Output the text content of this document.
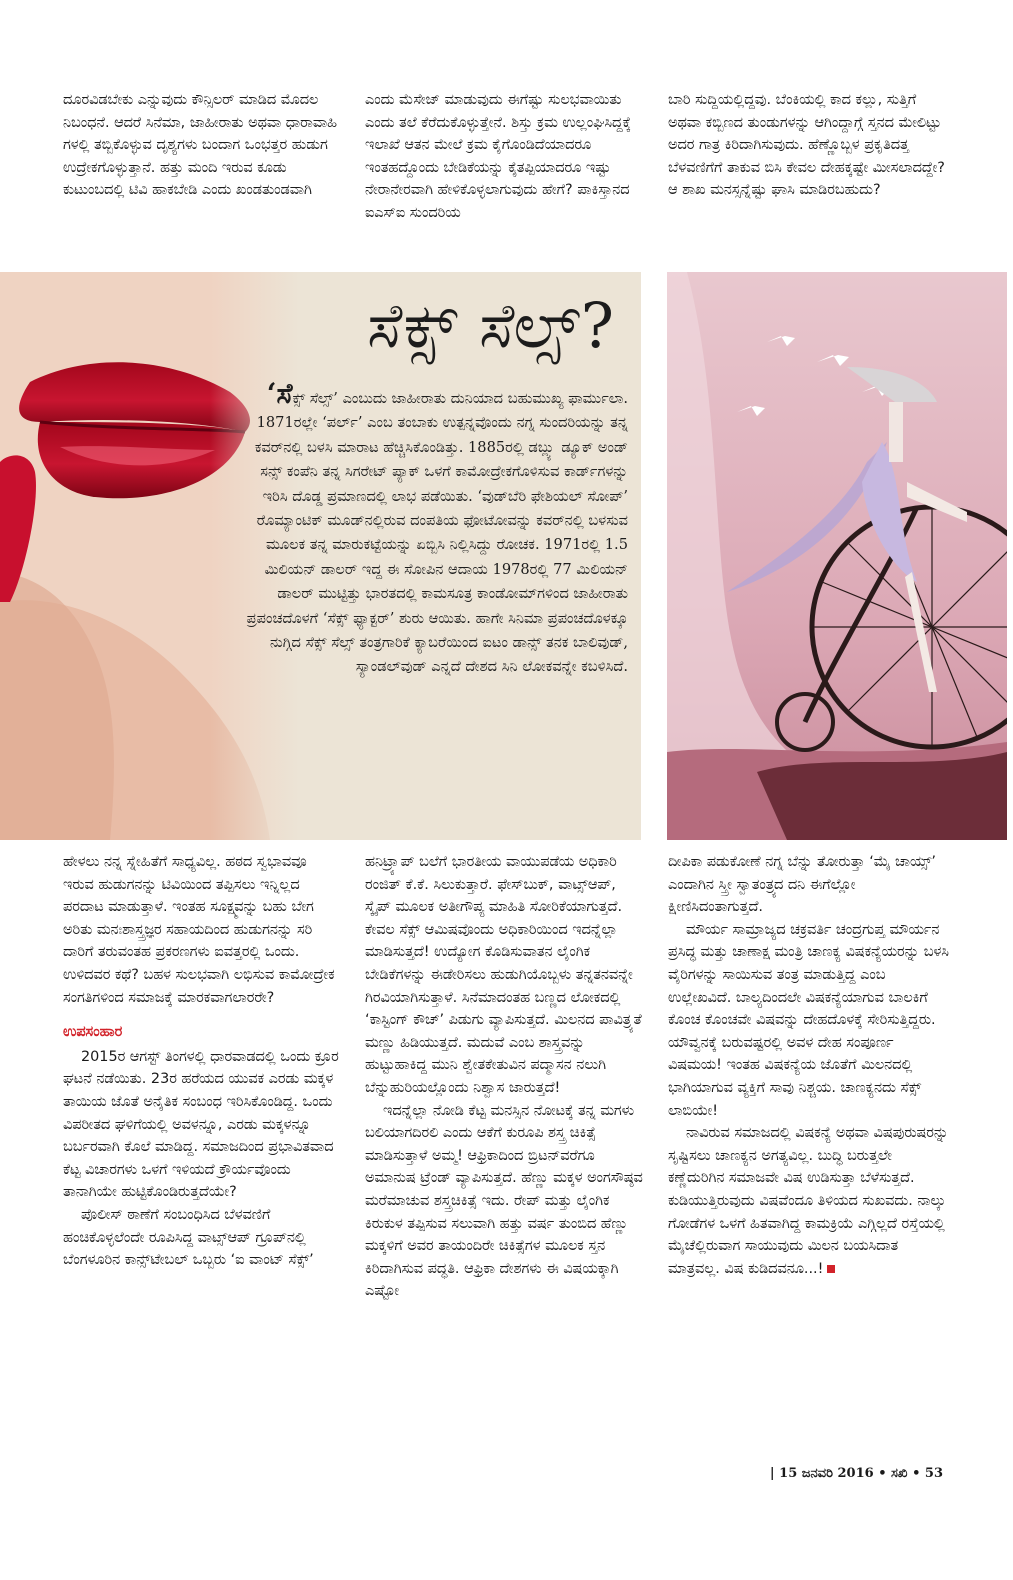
ದೂರವಿಡಬೇಕು ಎನ್ನುವುದು ಕೌನ್ಸಿಲರ್ ಮಾಡಿದ ಮೊದಲ ನಿಬಂಧನೆ. ಆದರೆ ಸಿನೆಮಾ, ಜಾಹೀರಾತು ಅಥವಾ ಧಾರಾವಾಹಿ ಗಳಲ್ಲಿ ತಬ್ಬಿಕೊಳ್ಳುವ ದೃಶ್ಯಗಳು ಬಂದಾಗ ಒಂಭತ್ತರ ಹುಡುಗ ಉದ್ರೇಕಗೊಳ್ಳುತ್ತಾನೆ. ಹತ್ತು ಮಂದಿ ಇರುವ ಕೂಡು ಕುಟುಂಬದಲ್ಲಿ ಟಿವಿ ಹಾಕಬೇಡಿ ಎಂದು ಖಂಡತುಂಡವಾಗಿ

ಎಂದು ಮೆಸೇಜ್ ಮಾಡುವುದು ಈಗೆಷ್ಟು ಸುಲಭವಾಯಿತು ಎಂದು ತಲೆ ಕೆರೆದುಕೊಳ್ಳುತ್ತೇನೆ. ಶಿಸ್ತು ಕ್ರಮ ಉಲ್ಲಂಘಿಸಿದ್ದಕ್ಕೆ ಇಲಾಖೆ ಆತನ ಮೇಲೆ ಕ್ರಮ ಕೈಗೊಂಡಿದೆಯಾದರೂ ಇಂತಹದ್ದೊಂದು ಬೇಡಿಕೆಯನ್ನು ಕೈತಪ್ಪಿಯಾದರೂ ಇಷ್ಟು ನೇರಾನೇರವಾಗಿ ಹೇಳಿಕೊಳ್ಳಲಾಗುವುದು ಹೇಗೆ? ಪಾಕಿಸ್ತಾನದ ಐಎಸ್ಐ ಸುಂದರಿಯ

ಬಾರಿ ಸುದ್ದಿಯಲ್ಲಿದ್ದವು. ಬೆಂಕಿಯಲ್ಲಿ ಕಾದ ಕಲ್ಲು, ಸುತ್ತಿಗೆ ಅಥವಾ ಕಬ್ಬಿಣದ ತುಂಡುಗಳನ್ನು ಆಗಿಂದ್ದಾಗ್ಗೆ ಸ್ತನದ ಮೇಲಿಟ್ಟು ಅದರ ಗಾತ್ರ ಕಿರಿದಾಗಿಸುವುದು. ಹೆಣ್ಣೊಬ್ಬಳ ಪ್ರಕೃತಿದತ್ತ ಬೆಳವಣಿಗೆಗೆ ತಾಕುವ ಬಿಸಿ ಕೇವಲ ದೇಹಕ್ಕಷ್ಟೇ ಮೀಸಲಾದದ್ದೇ? ಆ ಶಾಖ ಮನಸ್ಸನ್ನೆಷ್ಟು ಘಾಸಿ ಮಾಡಿರಬಹುದು?

ಸೆಕ್ಸ್ ಸೆಲ್ಸ್?
‘ಸೆಕ್ಸ್ ಸೆಲ್ಸ್’ ಎಂಬುದು ಜಾಹೀರಾತು ದುನಿಯಾದ ಬಹುಮುಖ್ಯ ಫಾರ್ಮುಲಾ. 1871ರಲ್ಲೇ ‘ಪರ್ಲ್’ ಎಂಬ ತಂಬಾಕು ಉತ್ಪನ್ನವೊಂದು ನಗ್ನ ಸುಂದರಿಯನ್ನು ತನ್ನ ಕವರ್‌ನಲ್ಲಿ ಬಳಸಿ ಮಾರಾಟ ಹೆಚ್ಚಿಸಿಕೊಂಡಿತ್ತು. 1885ರಲ್ಲಿ ಡಬ್ಲ್ಯು ಡ್ಯೂಕ್ ಅಂಡ್ ಸನ್ಸ್ ಕಂಪೆನಿ ತನ್ನ ಸಿಗರೇಟ್ ಪ್ಯಾಕ್ ಒಳಗೆ ಕಾಮೋದ್ರೇಕಗೊಳಿಸುವ ಕಾರ್ಡ್‌ಗಳನ್ನು ಇರಿಸಿ ದೊಡ್ಡ ಪ್ರಮಾಣದಲ್ಲಿ ಲಾಭ ಪಡೆಯಿತು. ‘ವುಡ್‌ಬೆರಿ ಫೇಶಿಯಲ್ ಸೋಪ್’ ರೊಮ್ಯಾಂಟಿಕ್ ಮೂಡ್‌ನಲ್ಲಿರುವ ದಂಪತಿಯ ಫೋಟೋವನ್ನು ಕವರ್‌ನಲ್ಲಿ ಬಳಸುವ ಮೂಲಕ ತನ್ನ ಮಾರುಕಟ್ಟೆಯನ್ನು ಏಬ್ಬಿಸಿ ನಿಲ್ಲಿಸಿದ್ದು ರೋಚಕ. 1971ರಲ್ಲಿ 1.5 ಮಿಲಿಯನ್ ಡಾಲರ್ ಇದ್ದ ಈ ಸೋಪಿನ ಆದಾಯ 1978ರಲ್ಲಿ 77 ಮಿಲಿಯನ್ ಡಾಲರ್ ಮುಟ್ಟಿತ್ತು ಭಾರತದಲ್ಲಿ ಕಾಮಸೂತ್ರ ಕಾಂಡೋಮ್‌ಗಳಿಂದ ಜಾಹೀರಾತು ಪ್ರಪಂಚದೊಳಗೆ ‘ಸೆಕ್ಸ್ ಫ್ಯಾಕ್ಟರ್’ ಶುರು ಆಯಿತು. ಹಾಗೇ ಸಿನಿಮಾ ಪ್ರಪಂಚದೊಳಕ್ಕೂ ನುಗ್ಗಿದ ಸೆಕ್ಸ್ ಸೆಲ್ಸ್ ತಂತ್ರಗಾರಿಕೆ ಕ್ಯಾಬರೆಯಿಂದ ಐಟಂ ಡಾನ್ಸ್ ತನಕ ಬಾಲಿವುಡ್, ಸ್ಯಾಂಡಲ್‌ವುಡ್ ಎನ್ನದೆ ದೇಶದ ಸಿನಿ ಲೋಕವನ್ನೇ ಕಬಳಿಸಿದೆ.

ಹೇಳಲು ನನ್ನ ಸ್ನೇಹಿತೆಗೆ ಸಾಧ್ಯವಿಲ್ಲ. ಹಠದ ಸ್ವಭಾವವೂ ಇರುವ ಹುಡುಗನನ್ನು ಟಿವಿಯಿಂದ ತಪ್ಪಿಸಲು ಇನ್ನಿಲ್ಲದ ಪರದಾಟ ಮಾಡುತ್ತಾಳೆ. ಇಂತಹ ಸೂಕ್ಷ್ಮವನ್ನು ಬಹು ಬೇಗ ಅರಿತು ಮನಃಶಾಸ್ತ್ರಜ್ಞರ ಸಹಾಯದಿಂದ ಹುಡುಗನನ್ನು ಸರಿ ದಾರಿಗೆ ತರುವಂತಹ ಪ್ರಕರಣಗಳು ಐವತ್ತರಲ್ಲಿ ಒಂದು. ಉಳಿದವರ ಕಥೆ? ಬಹಳ ಸುಲಭವಾಗಿ ಲಭಿಸುವ ಕಾಮೋದ್ರೇಕ ಸಂಗತಿಗಳಿಂದ ಸಮಾಜಕ್ಕೆ ಮಾರಕವಾಗಲಾರರೇ?

ಉಪಸಂಹಾರ

2015ರ ಆಗಸ್ಟ್ ತಿಂಗಳಲ್ಲಿ ಧಾರವಾಡದಲ್ಲಿ ಒಂದು ಕ್ರೂರ ಘಟನೆ ನಡೆಯಿತು. 23ರ ಹರೆಯದ ಯುವಕ ಎರಡು ಮಕ್ಕಳ ತಾಯಿಯ ಜೊತೆ ಅನೈತಿಕ ಸಂಬಂಧ ಇರಿಸಿಕೊಂಡಿದ್ದ. ಒಂದು ವಿಪರೀತದ ಘಳಿಗೆಯಲ್ಲಿ ಅವಳನ್ನೂ, ಎರಡು ಮಕ್ಕಳನ್ನೂ ಬರ್ಬರವಾಗಿ ಕೊಲೆ ಮಾಡಿದ್ದ. ಸಮಾಜದಿಂದ ಪ್ರಭಾವಿತವಾದ ಕೆಟ್ಟ ವಿಚಾರಗಳು ಒಳಗೆ ಇಳಿಯದೆ ಕ್ರೌರ್ಯವೊಂದು ತಾನಾಗಿಯೇ ಹುಟ್ಟಿಕೊಂಡಿರುತ್ತದೆಯೇ?

ಪೊಲೀಸ್ ಠಾಣೆಗೆ ಸಂಬಂಧಿಸಿದ ಬೆಳವಣಿಗೆ ಹಂಚಿಕೊಳ್ಳಲೆಂದೇ ರೂಪಿಸಿದ್ದ ವಾಟ್ಸ್‌ಆಪ್ ಗ್ರೂಪ್‌ನಲ್ಲಿ ಬೆಂಗಳೂರಿನ ಕಾನ್ಸ್‌ಟೇಬಲ್ ಒಬ್ಬರು ‘ಐ ವಾಂಟ್ ಸೆಕ್ಸ್’

ಹನಿಟ್ರ್ಯಾಪ್ ಬಲೆಗೆ ಭಾರತೀಯ ವಾಯುಪಡೆಯ ಅಧಿಕಾರಿ ರಂಜಿತ್ ಕೆ.ಕೆ. ಸಿಲುಕುತ್ತಾರೆ. ಫೇಸ್‌ಬುಕ್, ವಾಟ್ಸ್‌ಆಪ್, ಸ್ಕೈಪ್ ಮೂಲಕ ಅತೀಗೌಪ್ಯ ಮಾಹಿತಿ ಸೋರಿಕೆಯಾಗುತ್ತದೆ. ಕೇವಲ ಸೆಕ್ಸ್ ಆಮಿಷವೊಂದು ಅಧಿಕಾರಿಯಿಂದ ಇದನ್ನೆಲ್ಲಾ ಮಾಡಿಸುತ್ತದೆ! ಉದ್ಯೋಗ ಕೊಡಿಸುವಾತನ ಲೈಂಗಿಕ ಬೇಡಿಕೆಗಳನ್ನು ಈಡೇರಿಸಲು ಹುಡುಗಿಯೊಬ್ಬಳು ತನ್ನತನವನ್ನೇ ಗಿರವಿಯಾಗಿಸುತ್ತಾಳೆ. ಸಿನೆಮಾದಂತಹ ಬಣ್ಣದ ಲೋಕದಲ್ಲಿ ‘ಕಾಸ್ಟಿಂಗ್ ಕೌಚ್’ ಪಿಡುಗು ವ್ಯಾಪಿಸುತ್ತದೆ. ಮಿಲನದ ಪಾವಿತ್ರ್ಯತೆ ಮಣ್ಣು ಹಿಡಿಯುತ್ತದೆ. ಮದುವೆ ಎಂಬ ಶಾಸ್ತ್ರವನ್ನು ಹುಟ್ಟುಹಾಕಿದ್ದ ಮುನಿ ಶ್ವೇತಕೇತುವಿನ ಪದ್ಮಾಸನ ನಲುಗಿ ಬೆನ್ನುಹುರಿಯಲ್ಲೊಂದು ನಿಶ್ವಾಸ ಜಾರುತ್ತದೆ!

ಇದನ್ನೆಲ್ಲಾ ನೋಡಿ ಕೆಟ್ಟ ಮನಸ್ಸಿನ ನೋಟಕ್ಕೆ ತನ್ನ ಮಗಳು ಬಲಿಯಾಗದಿರಲಿ ಎಂದು ಆಕೆಗೆ ಕುರೂಪಿ ಶಸ್ತ್ರ ಚಿಕಿತ್ಸೆ ಮಾಡಿಸುತ್ತಾಳೆ ಅಮ್ಮ! ಆಫ್ರಿಕಾದಿಂದ ಬ್ರಿಟನ್‌ವರೆಗೂ ಅಮಾನುಷ ಟ್ರೆಂಡ್ ವ್ಯಾಪಿಸುತ್ತದೆ. ಹೆಣ್ಣು ಮಕ್ಕಳ ಅಂಗಸೌಷ್ಠವ ಮರೆಮಾಚುವ ಶಸ್ತ್ರಚಿಕಿತ್ಸೆ ಇದು. ರೇಪ್ ಮತ್ತು ಲೈಂಗಿಕ ಕಿರುಕುಳ ತಪ್ಪಿಸುವ ಸಲುವಾಗಿ ಹತ್ತು ವರ್ಷ ತುಂಬಿದ ಹೆಣ್ಣು ಮಕ್ಕಳಿಗೆ ಅವರ ತಾಯಂದಿರೇ ಚಿಕಿತ್ಸೆಗಳ ಮೂಲಕ ಸ್ತನ ಕಿರಿದಾಗಿಸುವ ಪದ್ಧತಿ. ಆಫ್ರಿಕಾ ದೇಶಗಳು ಈ ವಿಷಯಕ್ಕಾಗಿ ಎಷ್ಟೋ

ದೀಪಿಕಾ ಪಡುಕೋಣೆ ನಗ್ನ ಬೆನ್ನು ತೋರುತ್ತಾ ‘ಮೈ ಚಾಯ್ಸ್’ ಎಂದಾಗಿನ ಸ್ತ್ರೀ ಸ್ವಾತಂತ್ರ್ಯದ ದನಿ ಈಗೆಲ್ಲೋ ಕ್ಷೀಣಿಸಿದಂತಾಗುತ್ತದೆ.

ಮೌರ್ಯ ಸಾಮ್ರಾಜ್ಯದ ಚಕ್ರವರ್ತಿ ಚಂದ್ರಗುಪ್ತ ಮೌರ್ಯನ ಪ್ರಸಿದ್ಧ ಮತ್ತು ಚಾಣಾಕ್ಷ ಮಂತ್ರಿ ಚಾಣಕ್ಯ ವಿಷಕನ್ಯೆಯರನ್ನು ಬಳಸಿ ವೈರಿಗಳನ್ನು ಸಾಯಿಸುವ ತಂತ್ರ ಮಾಡುತ್ತಿದ್ದ ಎಂಬ ಉಲ್ಲೇಖವಿದೆ. ಬಾಲ್ಯದಿಂದಲೇ ವಿಷಕನ್ಯೆಯಾಗುವ ಬಾಲಕಿಗೆ ಕೊಂಚ ಕೊಂಚವೇ ವಿಷವನ್ನು ದೇಹದೊಳಕ್ಕೆ ಸೇರಿಸುತ್ತಿದ್ದರು. ಯೌವ್ವನಕ್ಕೆ ಬರುವಷ್ಟರಲ್ಲಿ ಅವಳ ದೇಹ ಸಂಪೂರ್ಣ ವಿಷಮಯ! ಇಂತಹ ವಿಷಕನ್ಯೆಯ ಜೊತೆಗೆ ಮಿಲನದಲ್ಲಿ ಭಾಗಿಯಾಗುವ ವ್ಯಕ್ತಿಗೆ ಸಾವು ನಿಶ್ಚಯ. ಚಾಣಕ್ಯನದು ಸೆಕ್ಸ್ ಲಾಬಿಯೇ!

ನಾವಿರುವ ಸಮಾಜದಲ್ಲಿ ವಿಷಕನ್ಯೆ ಅಥವಾ ವಿಷಪುರುಷರನ್ನು ಸೃಷ್ಟಿಸಲು ಚಾಣಕ್ಯನ ಅಗತ್ಯವಿಲ್ಲ. ಬುದ್ಧಿ ಬರುತ್ತಲೇ ಕಣ್ಣೆದುರಿಗಿನ ಸಮಾಜವೇ ವಿಷ ಉಡಿಸುತ್ತಾ ಬೆಳೆಸುತ್ತದೆ. ಕುಡಿಯುತ್ತಿರುವುದು ವಿಷವೆಂದೂ ತಿಳಿಯದ ಸುಖವದು. ನಾಲ್ಕು ಗೋಡೆಗಳ ಒಳಗೆ ಹಿತವಾಗಿದ್ದ ಕಾಮಕ್ರಿಯೆ ಎಗ್ಗಿಲ್ಲದೆ ರಸ್ತೆಯಲ್ಲಿ ಮೈಚೆಲ್ಲಿರುವಾಗ ಸಾಯುವುದು ಮಿಲನ ಬಯಸಿದಾತ ಮಾತ್ರವಲ್ಲ. ವಿಷ ಕುಡಿದವನೂ...!

| 15 ಜನವರಿ 2016 • ಸಖಿ • 53
